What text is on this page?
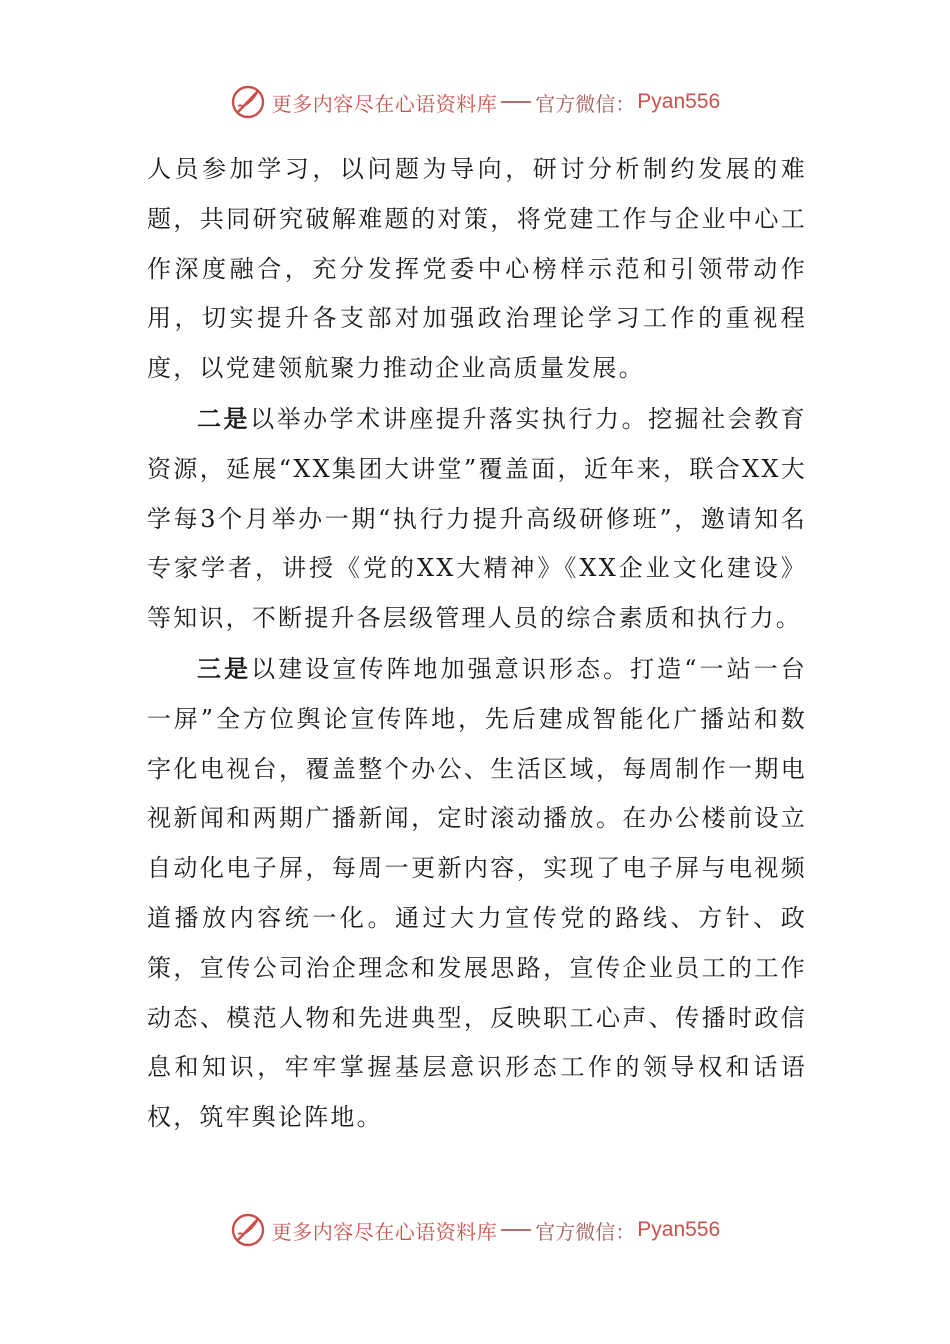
更多内容尽在心语资料库 官方微信： Pyan556

人员参加学习，以问题为导向，研讨分析制约发展的难题，共同研究破解难题的对策，将党建工作与企业中心工作深度融合，充分发挥党委中心榜样示范和引领带动作用，切实提升各支部对加强政治理论学习工作的重视程度，以党建领航聚力推动企业高质量发展。

二是以举办学术讲座提升落实执行力。挖掘社会教育资源，延展“XX集团大讲堂”覆盖面，近年来，联合XX大学每3个月举办一期“执行力提升高级研修班”，邀请知名专家学者，讲授《党的XX大精神》《XX企业文化建设》等知识，不断提升各层级管理人员的综合素质和执行力。

三是以建设宣传阵地加强意识形态。打造“一站一台一屏”全方位舆论宣传阵地，先后建成智能化广播站和数字化电视台，覆盖整个办公、生活区域，每周制作一期电视新闻和两期广播新闻，定时滚动播放。在办公楼前设立自动化电子屏，每周一更新内容，实现了电子屏与电视频道播放内容统一化。通过大力宣传党的路线、方针、政策，宣传公司治企理念和发展思路，宣传企业员工的工作动态、模范人物和先进典型，反映职工心声、传播时政信息和知识，牢牢掌握基层意识形态工作的领导权和话语权，筑牢舆论阵地。

更多内容尽在心语资料库 官方微信： Pyan556
